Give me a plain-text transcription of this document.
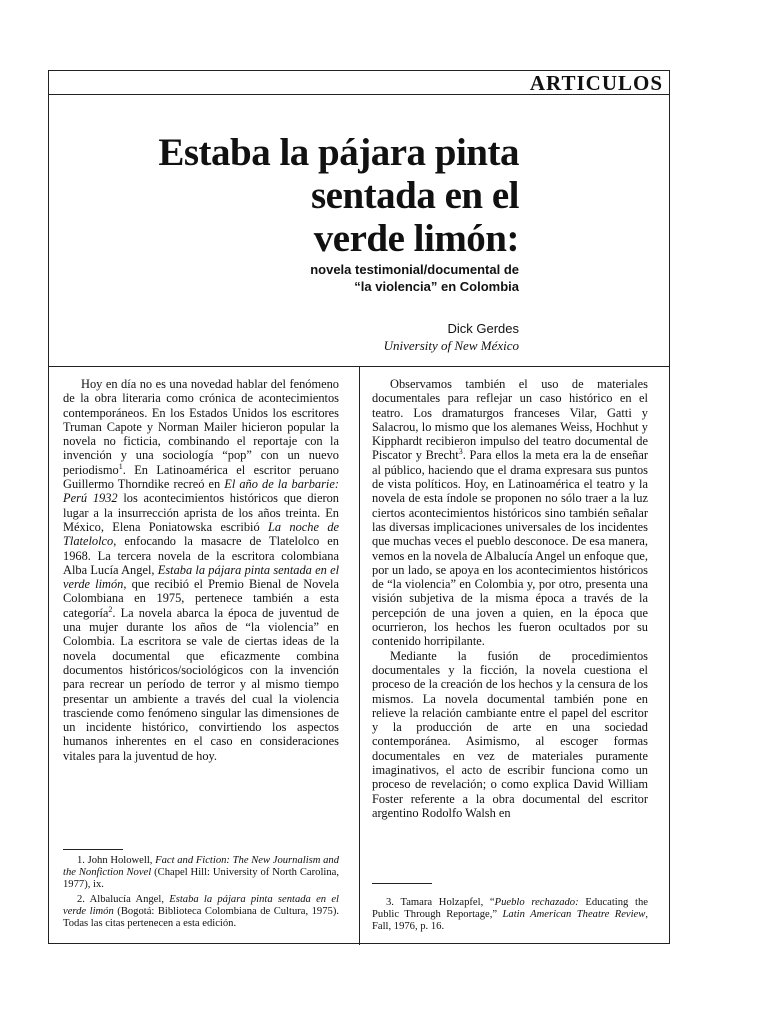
ARTICULOS
Estaba la pájara pinta
sentada en el
verde limón:
novela testimonial/documental de
“la violencia” en Colombia
Dick Gerdes
University of New México

Hoy en día no es una novedad hablar del fenómeno de la obra literaria como crónica de acontecimientos contemporáneos. En los Estados Unidos los escritores Truman Capote y Norman Mailer hicieron popular la novela no ficticia, combinando el reportaje con la invención y una sociología “pop” con un nuevo periodismo$^1$. En Latinoamérica el escritor peruano Guillermo Thorndike recreó en El año de la barbarie: Perú 1932 los acontecimientos históricos que dieron lugar a la insurrección aprista de los años treinta. En México, Elena Poniatowska escribió La noche de Tlatelolco, enfocando la masacre de Tlatelolco en 1968. La tercera novela de la escritora colombiana Alba Lucía Angel, Estaba la pájara pinta sentada en el verde limón, que recibió el Premio Bienal de Novela Colombiana en 1975, pertenece también a esta categoría$^2$. La novela abarca la época de juventud de una mujer durante los años de “la violencia” en Colombia. La escritora se vale de ciertas ideas de la novela documental que eficazmente combina documentos históricos/sociológicos con la invención para recrear un período de terror y al mismo tiempo presentar un ambiente a través del cual la violencia trasciende como fenómeno singular las dimensiones de un incidente histórico, convirtiendo los aspectos humanos inherentes en el caso en consideraciones vitales para la juventud de hoy.

Observamos también el uso de materiales documentales para reflejar un caso histórico en el teatro. Los dramaturgos franceses Vilar, Gatti y Salacrou, lo mismo que los alemanes Weiss, Hochhut y Kipphardt recibieron impulso del teatro documental de Piscator y Brecht$^3$. Para ellos la meta era la de enseñar al público, haciendo que el drama expresara sus puntos de vista políticos. Hoy, en Latinoamérica el teatro y la novela de esta índole se proponen no sólo traer a la luz ciertos acontecimientos históricos sino también señalar las diversas implicaciones universales de los incidentes que muchas veces el pueblo desconoce. De esa manera, vemos en la novela de Albalucía Angel un enfoque que, por un lado, se apoya en los acontecimientos históricos de “la violencia” en Colombia y, por otro, presenta una visión subjetiva de la misma época a través de la percepción de una joven a quien, en la época que ocurrieron, los hechos les fueron ocultados por su contenido horripilante.

Mediante la fusión de procedimientos documentales y la ficción, la novela cuestiona el proceso de la creación de los hechos y la censura de los mismos. La novela documental también pone en relieve la relación cambiante entre el papel del escritor y la producción de arte en una sociedad contemporánea. Asimismo, al escoger formas documentales en vez de materiales puramente imaginativos, el acto de escribir funciona como un proceso de revelación; o como explica David William Foster referente a la obra documental del escritor argentino Rodolfo Walsh en

1. John Holowell, Fact and Fiction: The New Journalism and the Nonfiction Novel (Chapel Hill: University of North Carolina, 1977), ix.

2. Albalucía Angel, Estaba la pájara pinta sentada en el verde limón (Bogotá: Biblioteca Colombiana de Cultura, 1975). Todas las citas pertenecen a esta edición.

3. Tamara Holzapfel, “Pueblo rechazado: Educating the Public Through Reportage,” Latin American Theatre Review, Fall, 1976, p. 16.
